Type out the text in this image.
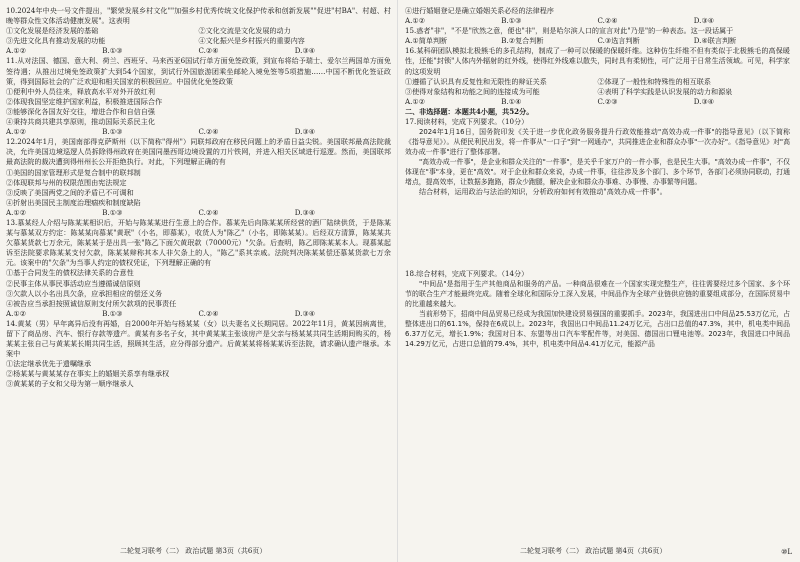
10.2024年中央一号文件提出，"繁荣发展乡村文化""加强乡村优秀传统文化保护传承和创新发展""促进"村BA"、村超、村晚等群众性文体活动健康发展"。这表明

①文化发展是经济发展的基础	②文化交流是文化发展的动力
③先进文化具有推动发展的功能	④文化振兴是乡村振兴的重要内容
A.①②	B.①③	C.②④	D.③④

11.从对法国、德国、意大利、荷兰、西班牙、马来西亚6国试行单方面免签政策，到宣布将给予瑞士、爱尔兰两国单方面免签待遇；从推出过境免签政策扩大到54个国家，到试行外国旅游团乘坐邮轮入境免签等5项措施……中国不断优化签证政策，得到国际社会的广泛欢迎和相关国家的积极回应。中国优化免签政策

①便利中外人员往来，释放高水平对外开放红利

②体现我国坚定维护国家利益，积极推进国际合作

③能够深化各国友好交往，增进合作和自信自强

④秉持共商共建共享原则，推动国际关系民主化

A.①②	B.①③	C.②④	D.③④

12.2024年1月，美国南部得克萨斯州（以下简称"得州"）同联邦政府在移民问题上的矛盾日益尖锐。美国联邦最高法院裁决，允许美国边境巡逻人员拆除得州政府在美国同墨西哥边境设置的刀片铁网，并进入相关区域进行巡逻。然而，美国联邦最高法院的裁决遭到得州州长公开拒绝执行。对此，下列理解正确的有

①美国的国家管理形式是复合制中的联邦制

②体现联邦与州的权限范围由宪法规定

③反映了美国两党之间的矛盾已不可调和

④折射出美国民主制度治理痼疾和制度缺陷

A.①②	B.①③	C.②④	D.③④

13.慕某经人介绍与陈某某相识后，开始与陈某某进行生意上的合作。慕某先后向陈某某所经营的酒厂陆续供货，于是陈某某与慕某双方约定：陈某某向慕某"黄珉"（小名，即慕某），收货人为"陈乙"（小名，即陈某某）。后经双方清算，陈某某共欠慕某货款七万余元，陈某某于是出具一张"陈乙下面欠黄珉款（70000元）"欠条。后查明，陈乙即陈某某本人。现慕某起诉至法院要求陈某某支付欠款，陈某某辩称其本人非欠条上的人，"陈乙"系其亲戚。法院判决陈某某偿还慕某货款七万余元。该案中的"欠条"为当事人约定的债权凭证，下列理解正确的有

①基于合同发生的债权法律关系的合意性

②民事主体从事民事活动应当遵循诚信原则

③欠款人以小名出具欠条，应承担相应的偿还义务

④被告应当承担按照诚信原则支付所欠款项的民事责任

A.①②	B.①③	C.②④	D.③④

14.黄某（男）早年离异后没有再婚，自2000年开始与杨某某（女）以夫妻名义长期同居。2022年11月，黄某因病离世，留下了商品房、汽车、银行存款等遗产。黄某有多名子女，其中黄某某主张该房产是父亲与杨某某共同生活期间购买的，杨某某主张自己与黄某某长期共同生活，照顾其生活，应分得部分遗产。后黄某某将杨某某诉至法院，请求确认遗产继承。本案中

①法定继承优先于遗嘱继承

②杨某某与黄某某存在事实上的婚姻关系享有继承权

③黄某某的子女和父母为第一顺序继承人

二轮复习联考（二） 政治试题 第3页（共6页）

④进行婚姻登记是确立婚姻关系必经的法律程序

A.①②	B.①③	C.②④	D.③④

15.惑者"非"，"不是"欣然之意，便也"非"，则是哈尔滨人口的宣言对此"乃是"的一种表态。这一段话属于

A.①简单判断	B.②复合判断	C.③选言判断	D.④联言判断

16.某科研团队模拟北极熊毛的多孔结构，制成了一种可以保暖的保暖纤维。这种仿生纤维不但有类似于北极熊毛的高保暖性，还能"封锁"人体内外辐射的红外线，使得红外线难以散失，同时具有柔韧性，可广泛用于日常生活领域。可见，科学家的这项发明

①遵循了认识具有反复性和无限性的辩证关系	②体现了一般性和特殊性的相互联系
③使得对象结构和功能之间的连接成为可能	④表明了科学实践是认识发展的动力和源泉
A.①②	B.①④	C.②③	D.③④

二、非选择题：本题共4小题，共52分。

17.阅读材料，完成下列要求。（10分）

2024年1月16日，国务院印发《关于进一步优化政务服务提升行政效能推动"高效办成一件事"的指导意见》（以下简称《指导意见》）。从便民利民出发，将一件事从"一口子"到"一网通办"，共同推进企业和群众办事"一次办好"。《指导意见》对"高效办成一件事"进行了整体部署。

"高效办成一件事"，是企业和群众关注的"一件事"，是关乎千家万户的一件小事，也是民生大事。"高效办成一件事"，不仅体现在"事"本身，更在"高效"。对于企业和群众来说，办成一件事，往往涉及多个部门、多个环节，各部门必须协同联动，打通堵点，提高效率，让数据多跑路，群众少跑腿，解决企业和群众办事难、办事慢、办事繁等问题。

结合材料，运用政治与法治的知识，分析政府如何有效推动"高效办成一件事"。

18.综合材料，完成下列要求。（14分）

"中间品"是指用于生产其他商品和服务的产品。一种商品很难在一个国家实现完整生产，往往需要经过多个国家、多个环节的联合生产才能最终完成。随着全球化和国际分工深入发展，中间品作为全球产业链供应链的重要组成部分，在国际贸易中的比重越来越大。

当前形势下，招商中间品贸易已经成为我国加快建设贸易强国的重要抓手。2023年，我国进出口中间品25.53万亿元，占整体进出口的61.1%，保持在6成以上。2023年，我国出口中间品11.24万亿元，占出口总值的47.3%，其中，机电类中间品6.37万亿元，增长1.9%；我国对日本、东盟等出口汽车零配件等，对美国、德国出口锂电池等。2023年，我国进口中间品14.29万亿元，占进口总值的79.4%，其中，机电类中间品4.41万亿元，能源产品

二轮复习联考（二） 政治试题 第4页（共6页）	⑩L
